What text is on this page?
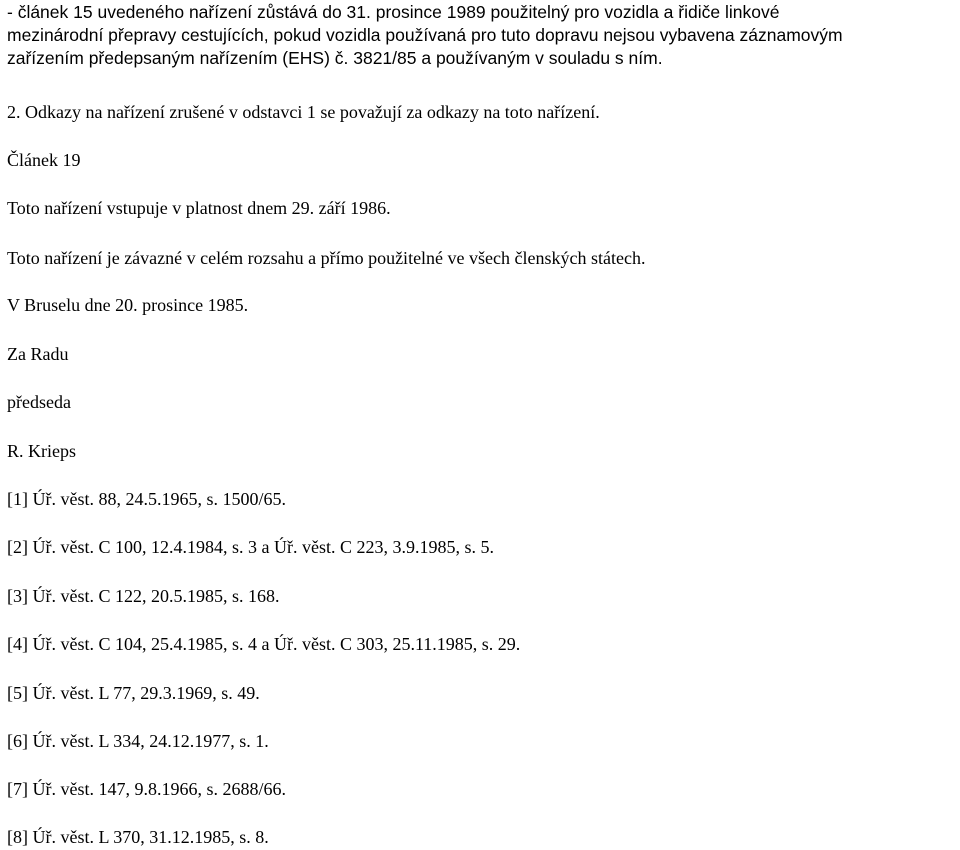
- článek 15 uvedeného nařízení zůstává do 31. prosince 1989 použitelný pro vozidla a řidiče linkové
mezinárodní přepravy cestujících, pokud vozidla používaná pro tuto dopravu nejsou vybavena záznamovým
zařízením předepsaným nařízením (EHS) č. 3821/85 a používaným v souladu s ním.

2. Odkazy na nařízení zrušené v odstavci 1 se považují za odkazy na toto nařízení.

Článek 19

Toto nařízení vstupuje v platnost dnem 29. září 1986.

Toto nařízení je závazné v celém rozsahu a přímo použitelné ve všech členských státech.

V Bruselu dne 20. prosince 1985.

Za Radu

předseda

R. Krieps

[1] Úř. věst. 88, 24.5.1965, s. 1500/65.

[2] Úř. věst. C 100, 12.4.1984, s. 3 a Úř. věst. C 223, 3.9.1985, s. 5.

[3] Úř. věst. C 122, 20.5.1985, s. 168.

[4] Úř. věst. C 104, 25.4.1985, s. 4 a Úř. věst. C 303, 25.11.1985, s. 29.

[5] Úř. věst. L 77, 29.3.1969, s. 49.

[6] Úř. věst. L 334, 24.12.1977, s. 1.

[7] Úř. věst. 147, 9.8.1966, s. 2688/66.

[8] Úř. věst. L 370, 31.12.1985, s. 8.
